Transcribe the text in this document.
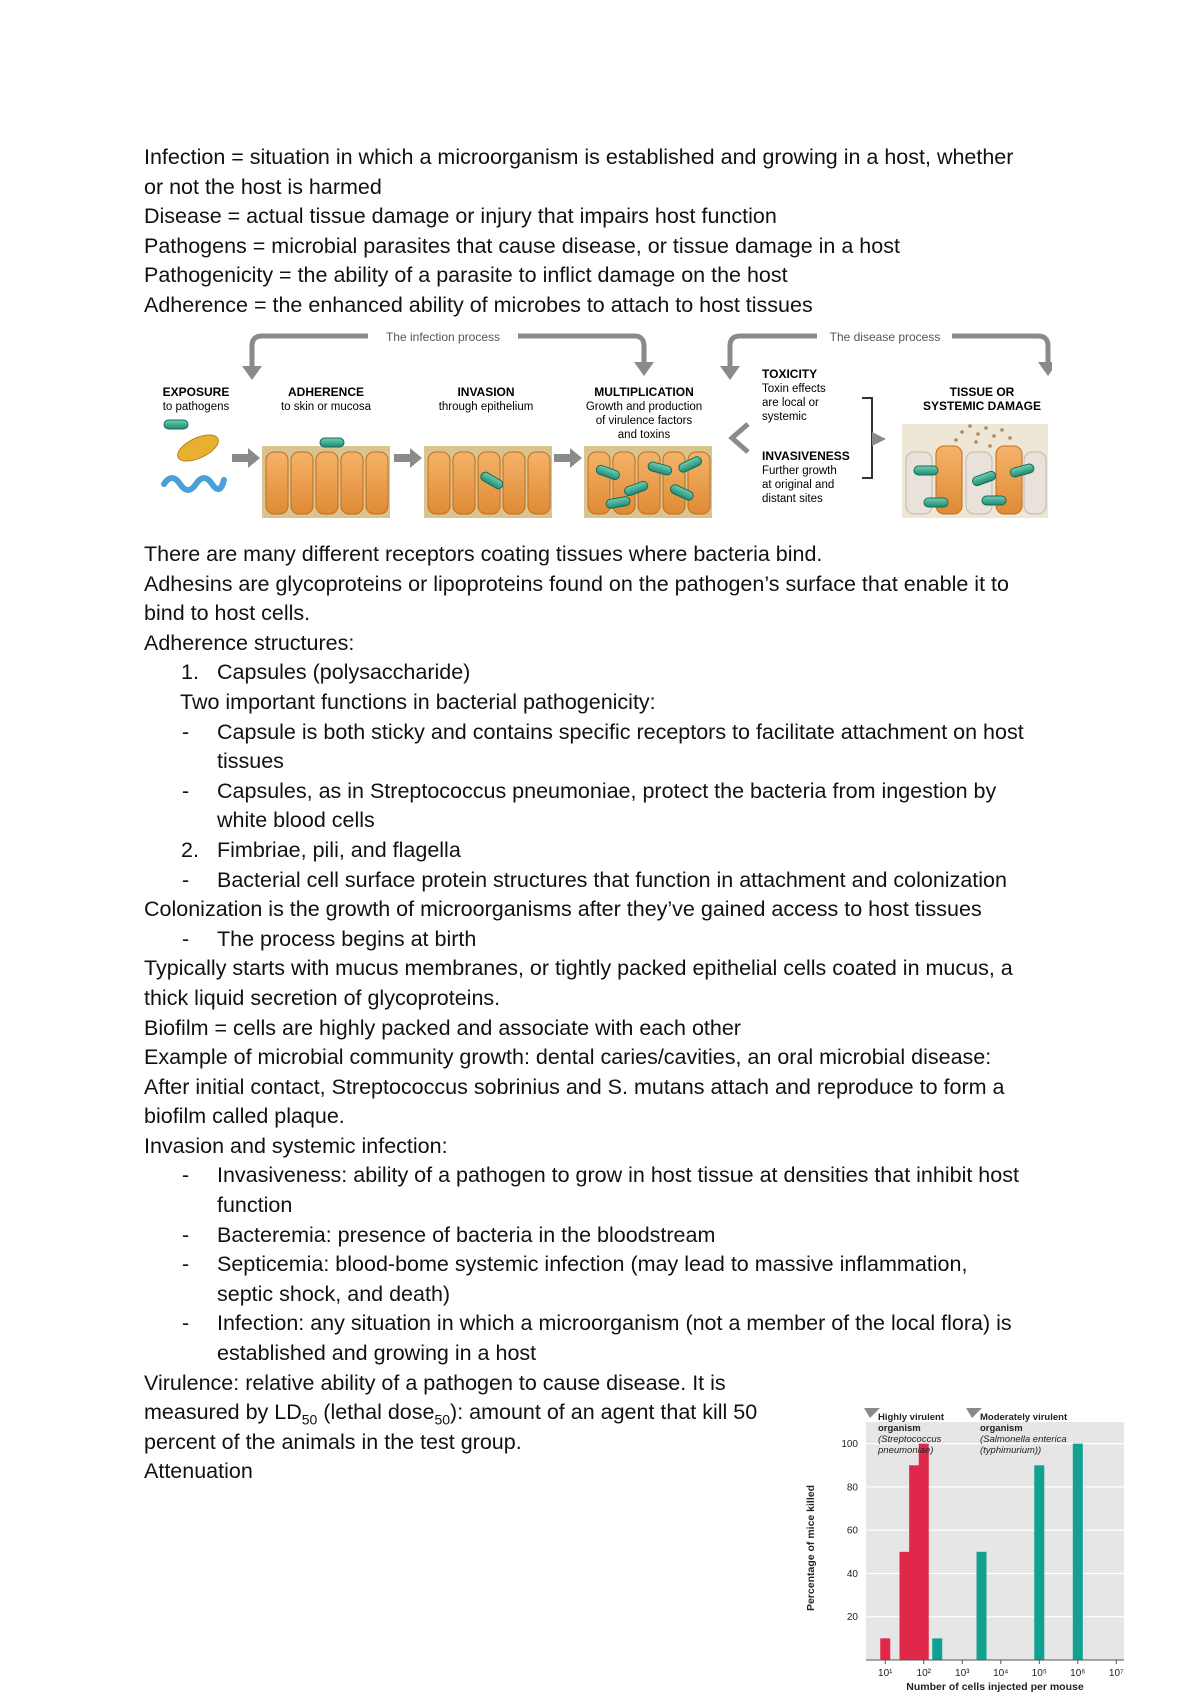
Infection = situation in which a microorganism is established and growing in a host, whether
or not the host is harmed
Disease = actual tissue damage or injury that impairs host function
Pathogens = microbial parasites that cause disease, or tissue damage in a host
Pathogenicity = the ability of a parasite to inflict damage on the host
Adherence = the enhanced ability of microbes to attach to host tissues
The infection process	The disease process
EXPOSURE
to pathogens
ADHERENCE
to skin or mucosa
INVASION
through epithelium
MULTIPLICATION
Growth and production
of virulence factors
and toxins
TOXICITY
Toxin effects
are local or
systemic
INVASIVENESS
Further growth
at original and
distant sites
TISSUE OR
SYSTEMIC DAMAGE
There are many different receptors coating tissues where bacteria bind.
Adhesins are glycoproteins or lipoproteins found on the pathogen’s surface that enable it to
bind to host cells.
Adherence structures:
1. Capsules (polysaccharide)
Two important functions in bacterial pathogenicity:
- Capsule is both sticky and contains specific receptors to facilitate attachment on host
tissues
- Capsules, as in Streptococcus pneumoniae, protect the bacteria from ingestion by
white blood cells
2. Fimbriae, pili, and flagella
- Bacterial cell surface protein structures that function in attachment and colonization
Colonization is the growth of microorganisms after they’ve gained access to host tissues
- The process begins at birth
Typically starts with mucus membranes, or tightly packed epithelial cells coated in mucus, a
thick liquid secretion of glycoproteins.
Biofilm = cells are highly packed and associate with each other
Example of microbial community growth: dental caries/cavities, an oral microbial disease:
After initial contact, Streptococcus sobrinius and S. mutans attach and reproduce to form a
biofilm called plaque.
Invasion and systemic infection:
- Invasiveness: ability of a pathogen to grow in host tissue at densities that inhibit host
function
- Bacteremia: presence of bacteria in the bloodstream
- Septicemia: blood-bome systemic infection (may lead to massive inflammation,
septic shock, and death)
- Infection: any situation in which a microorganism (not a member of the local flora) is
established and growing in a host
Virulence: relative ability of a pathogen to cause disease. It is
measured by $LD_{50}$ (lethal dose$_{50}$): amount of an agent that kill 50
percent of the animals in the test group.
Attenuation
20
40
60
80
100
10¹ 10² 10³ 10⁴ 10⁵ 10⁶ 10⁷
Highly virulent
organism
(Streptococcus
pneumoniae)
Moderately virulent
organism
(Salmonella enterica
(typhimurium))
Number of cells injected per mouse
Percentage of mice killed
